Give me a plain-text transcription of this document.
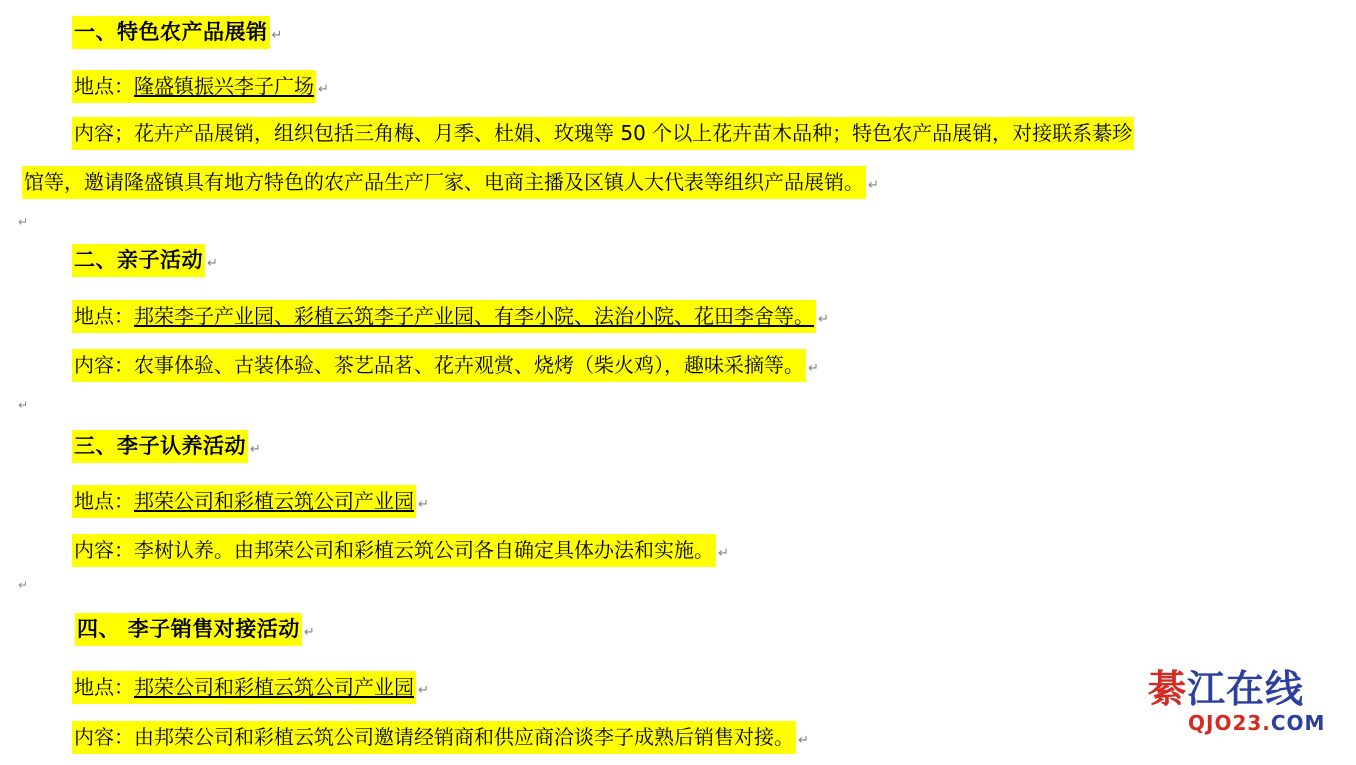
一、特色农产品展销 ↵
地点：隆盛镇振兴李子广场 ↵
内容；花卉产品展销，组织包括三角梅、月季、杜娟、玫瑰等 50 个以上花卉苗木品种；特色农产品展销，对接联系綦珍
馆等，邀请隆盛镇具有地方特色的农产品生产厂家、电商主播及区镇人大代表等组织产品展销。 ↵
二、亲子活动 ↵
地点：邦荣李子产业园、彩植云筑李子产业园、有李小院、法治小院、花田李舍等。 ↵
内容：农事体验、古装体验、茶艺品茗、花卉观赏、烧烤（柴火鸡），趣味采摘等。 ↵
三、李子认养活动 ↵
地点：邦荣公司和彩植云筑公司产业园 ↵
内容：李树认养。由邦荣公司和彩植云筑公司各自确定具体办法和实施。 ↵
四、 李子销售对接活动 ↵
地点：邦荣公司和彩植云筑公司产业园 ↵
内容：由邦荣公司和彩植云筑公司邀请经销商和供应商洽谈李子成熟后销售对接。 ↵
↵
↵
↵
綦江在线
QJO23.COM
